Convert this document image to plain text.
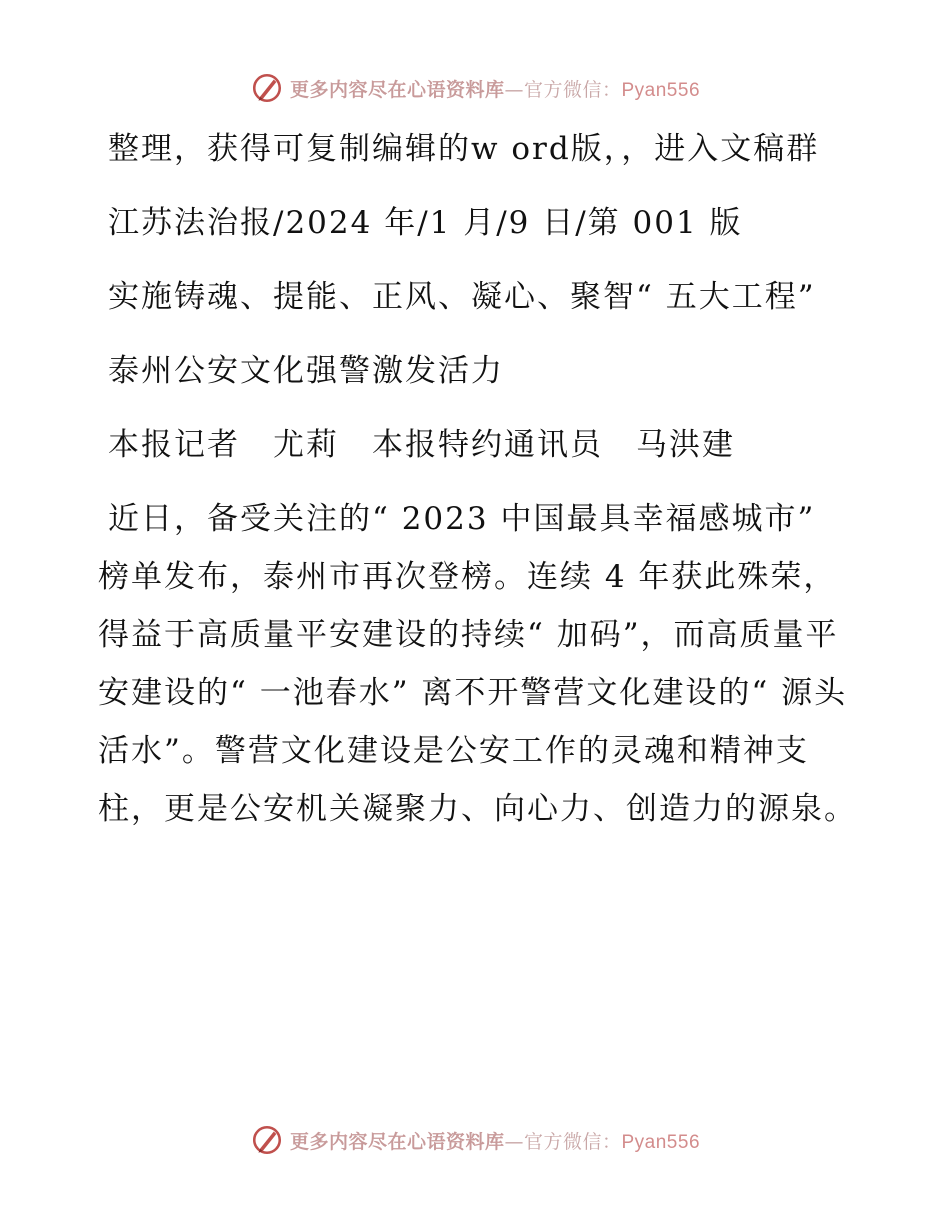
更多内容尽在心语资料库—官方微信：Pyan556

整理，获得可复制编辑的w ord版，，进入文稿群

江苏法治报/2024 年/1 月/9 日/第 001 版

实施铸魂、提能、正风、凝心、聚智“ 五大工程”

泰州公安文化强警激发活力

本报记者　尤莉　本报特约通讯员　马洪建

近日，备受关注的“ 2023 中国最具幸福感城市” 榜单发布，泰州市再次登榜。连续 4 年获此殊荣，得益于高质量平安建设的持续“ 加码”，而高质量平安建设的“ 一池春水” 离不开警营文化建设的“ 源头活水”。警营文化建设是公安工作的灵魂和精神支柱，更是公安机关凝聚力、向心力、创造力的源泉。

更多内容尽在心语资料库—官方微信：Pyan556
